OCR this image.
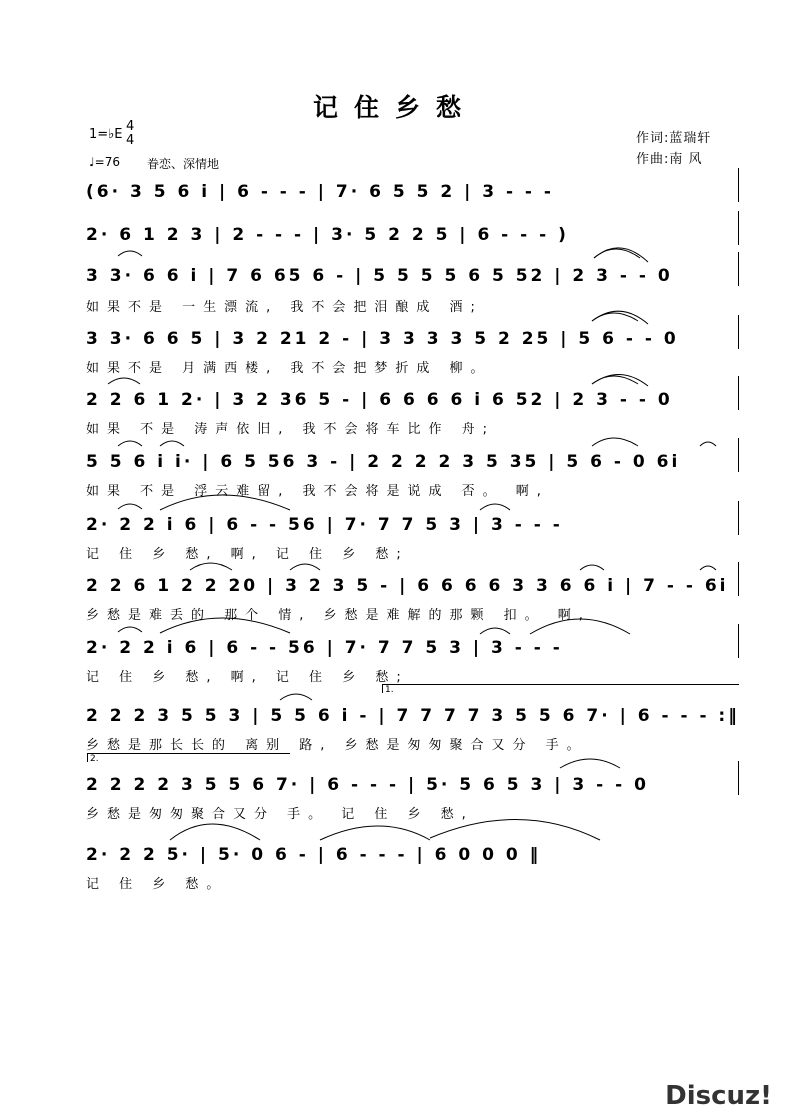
记住乡愁
1=♭E
4
4
♩=76 眷恋、深情地
作词:蓝瑞轩
作曲:南 风
(6· 3 5 6 i | 6 - - - | 7· 6 5 5 2 | 3 - - -
2· 6 1 2 3 | 2 - - - | 3· 5 2 2 5 | 6 - - - )
3 3· 6 6 i | 7 6 65 6 - | 5 5 5 5 6 5 52 | 2 3 - - 0
如果不是 一生漂流, 我不会把泪酿成 酒;
3 3· 6 6 5 | 3 2 21 2 - | 3 3 3 3 5 2 25 | 5 6 - - 0
如果不是 月满西楼, 我不会把梦折成 柳。
2 2 6 1 2· | 3 2 36 5 - | 6 6 6 6 i 6 52 | 2 3 - - 0
如果 不是 涛声依旧, 我不会将车比作 舟;
5 5 6 i i· | 6 5 56 3 - | 2 2 2 2 3 5 35 | 5 6 - 0 6i
如果 不是 浮云难留, 我不会将是说成 否。 啊,
2· 2 2 i 6 | 6 - - 56 | 7· 7 7 5 3 | 3 - - -
记 住 乡 愁, 啊, 记 住 乡 愁;
2 2 6 1 2 2 20 | 3 2 3 5 - | 6 6 6 6 3 3 6 6 i | 7 - - 6i
乡愁是难丢的 那个 情, 乡愁是难解的那颗 扣。 啊,
2· 2 2 i 6 | 6 - - 56 | 7· 7 7 5 3 | 3 - - -
记 住 乡 愁, 啊, 记 住 乡 愁;
1.
2 2 2 3 5 5 3 | 5 5 6 i - | 7 7 7 7 3 5 5 6 7· | 6 - - - :‖
乡愁是那长长的 离别 路, 乡愁是匆匆聚合又分 手。
2.
2 2 2 2 3 5 5 6 7· | 6 - - - | 5· 5 6 5 3 | 3 - - 0
乡愁是匆匆聚合又分 手。 记 住 乡 愁,
2· 2 2 5· | 5· 0 6 - | 6 - - - | 6 0 0 0 ‖
记 住 乡 愁。
Discuz!
